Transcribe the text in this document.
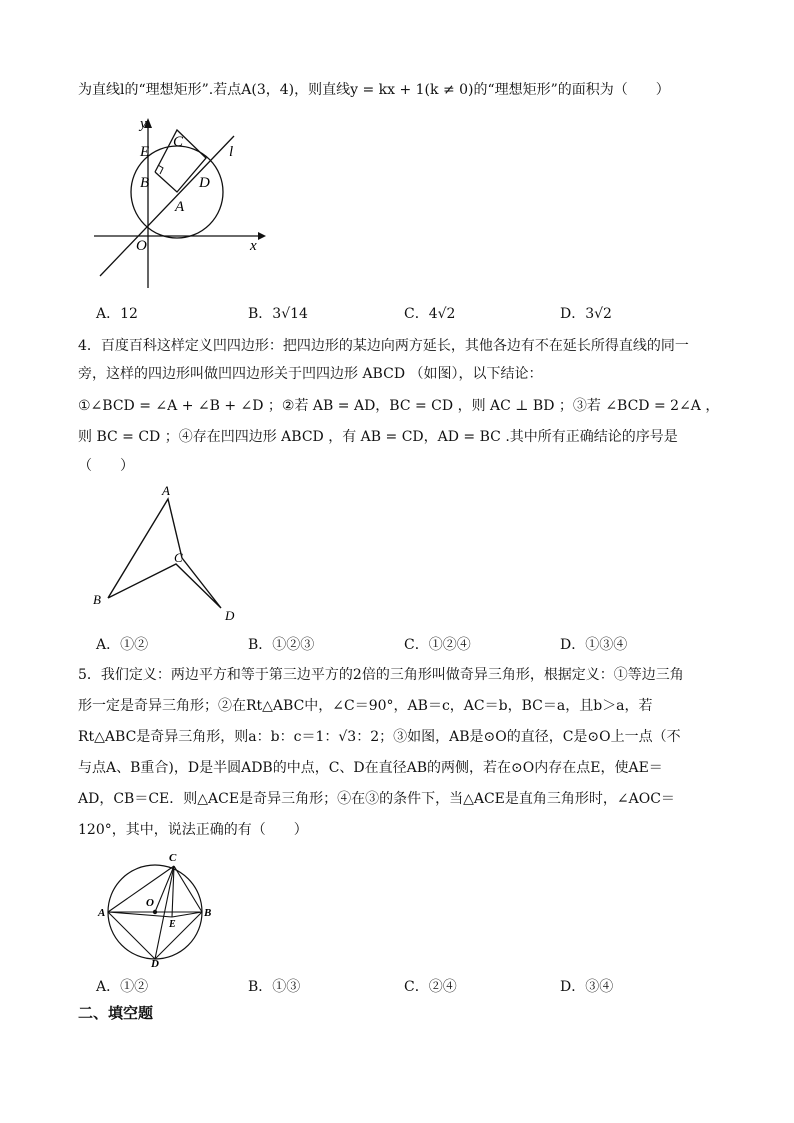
为直线l的“理想矩形”.若点A(3，4)，则直线y = kx + 1(k ≠ 0)的“理想矩形”的面积为（　　）
y
x
O
E
C
B	D
A
l
A．12	B．3√14	C．4√2	D．3√2
4．百度百科这样定义凹四边形：把四边形的某边向两方延长，其他各边有不在延长所得直线的同一
旁，这样的四边形叫做凹四边形关于凹四边形 ABCD （如图），以下结论：
①∠BCD = ∠A + ∠B + ∠D ；②若 AB = AD，BC = CD ，则 AC ⊥ BD ；③若 ∠BCD = 2∠A ，
则 BC = CD ；④存在凹四边形 ABCD ，有 AB = CD，AD = BC .其中所有正确结论的序号是
（　　）
A
B
C
D
A．①②	B．①②③	C．①②④	D．①③④
5．我们定义：两边平方和等于第三边平方的2倍的三角形叫做奇异三角形，根据定义：①等边三角
形一定是奇异三角形；②在Rt△ABC中，∠C＝90°，AB＝c，AC＝b，BC＝a，且b＞a，若
Rt△ABC是奇异三角形，则a：b：c＝1：√3：2；③如图，AB是⊙O的直径，C是⊙O上一点（不
与点A、B重合)，D是半圆ADB的中点，C、D在直径AB的两侧，若在⊙O内存在点E，使AE＝
AD，CB＝CE．则△ACE是奇异三角形；④在③的条件下，当△ACE是直角三角形时，∠AOC＝
120°，其中，说法正确的有（　　）
C
A	B
O
E
D
A．①②	B．①③	C．②④	D．③④
二、填空题
